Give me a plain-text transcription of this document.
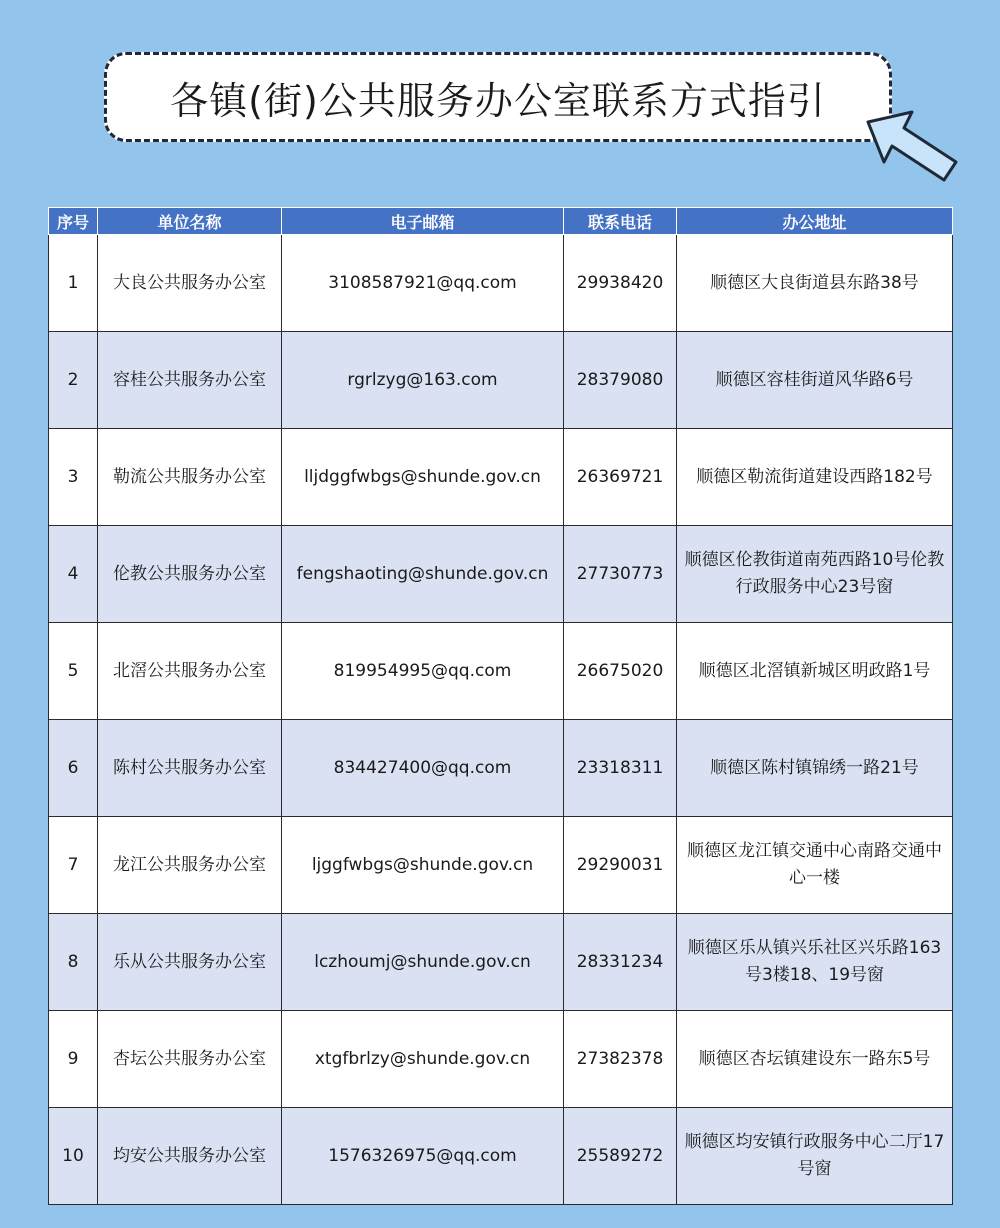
各镇(街)公共服务办公室联系方式指引
序号	单位名称	电子邮箱	联系电话	办公地址
1	大良公共服务办公室	3108587921@qq.com	29938420	顺德区大良街道县东路38号
2	容桂公共服务办公室	rgrlzyg@163.com	28379080	顺德区容桂街道风华路6号
3	勒流公共服务办公室	lljdggfwbgs@shunde.gov.cn	26369721	顺德区勒流街道建设西路182号
4	伦教公共服务办公室	fengshaoting@shunde.gov.cn	27730773	顺德区伦教街道南苑西路10号伦教行政服务中心23号窗
5	北滘公共服务办公室	819954995@qq.com	26675020	顺德区北滘镇新城区明政路1号
6	陈村公共服务办公室	834427400@qq.com	23318311	顺德区陈村镇锦绣一路21号
7	龙江公共服务办公室	ljggfwbgs@shunde.gov.cn	29290031	顺德区龙江镇交通中心南路交通中心一楼
8	乐从公共服务办公室	lczhoumj@shunde.gov.cn	28331234	顺德区乐从镇兴乐社区兴乐路163号3楼18、19号窗
9	杏坛公共服务办公室	xtgfbrlzy@shunde.gov.cn	27382378	顺德区杏坛镇建设东一路东5号
10	均安公共服务办公室	1576326975@qq.com	25589272	顺德区均安镇行政服务中心二厅17号窗
